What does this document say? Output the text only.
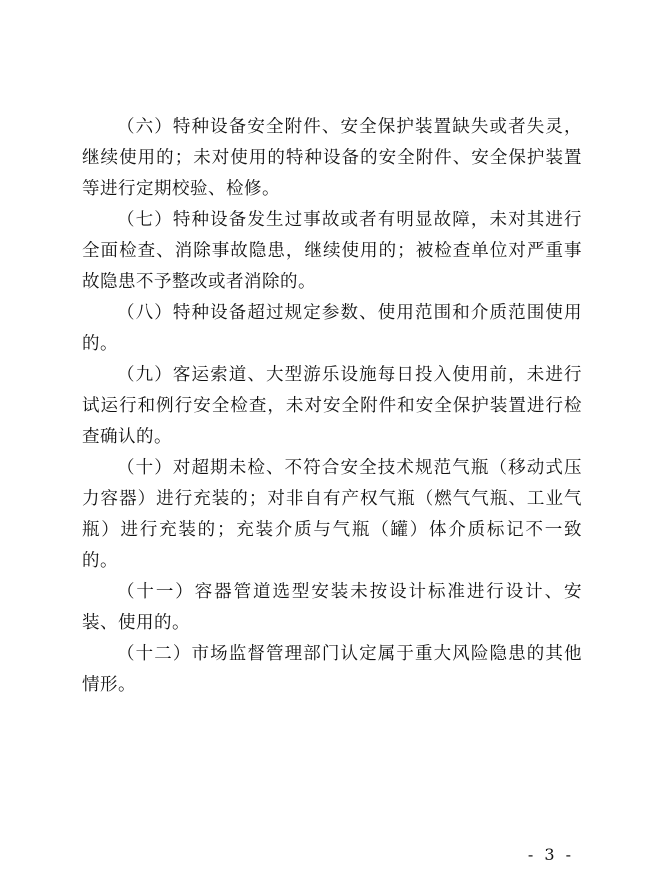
（六）特种设备安全附件、安全保护装置缺失或者失灵，继续使用的；未对使用的特种设备的安全附件、安全保护装置等进行定期校验、检修。

（七）特种设备发生过事故或者有明显故障，未对其进行全面检查、消除事故隐患，继续使用的；被检查单位对严重事故隐患不予整改或者消除的。

（八）特种设备超过规定参数、使用范围和介质范围使用的。

（九）客运索道、大型游乐设施每日投入使用前，未进行试运行和例行安全检查，未对安全附件和安全保护装置进行检查确认的。

（十）对超期未检、不符合安全技术规范气瓶（移动式压力容器）进行充装的；对非自有产权气瓶（燃气气瓶、工业气瓶）进行充装的；充装介质与气瓶（罐）体介质标记不一致的。

（十一）容器管道选型安装未按设计标准进行设计、安装、使用的。

（十二）市场监督管理部门认定属于重大风险隐患的其他情形。

- 3 -
